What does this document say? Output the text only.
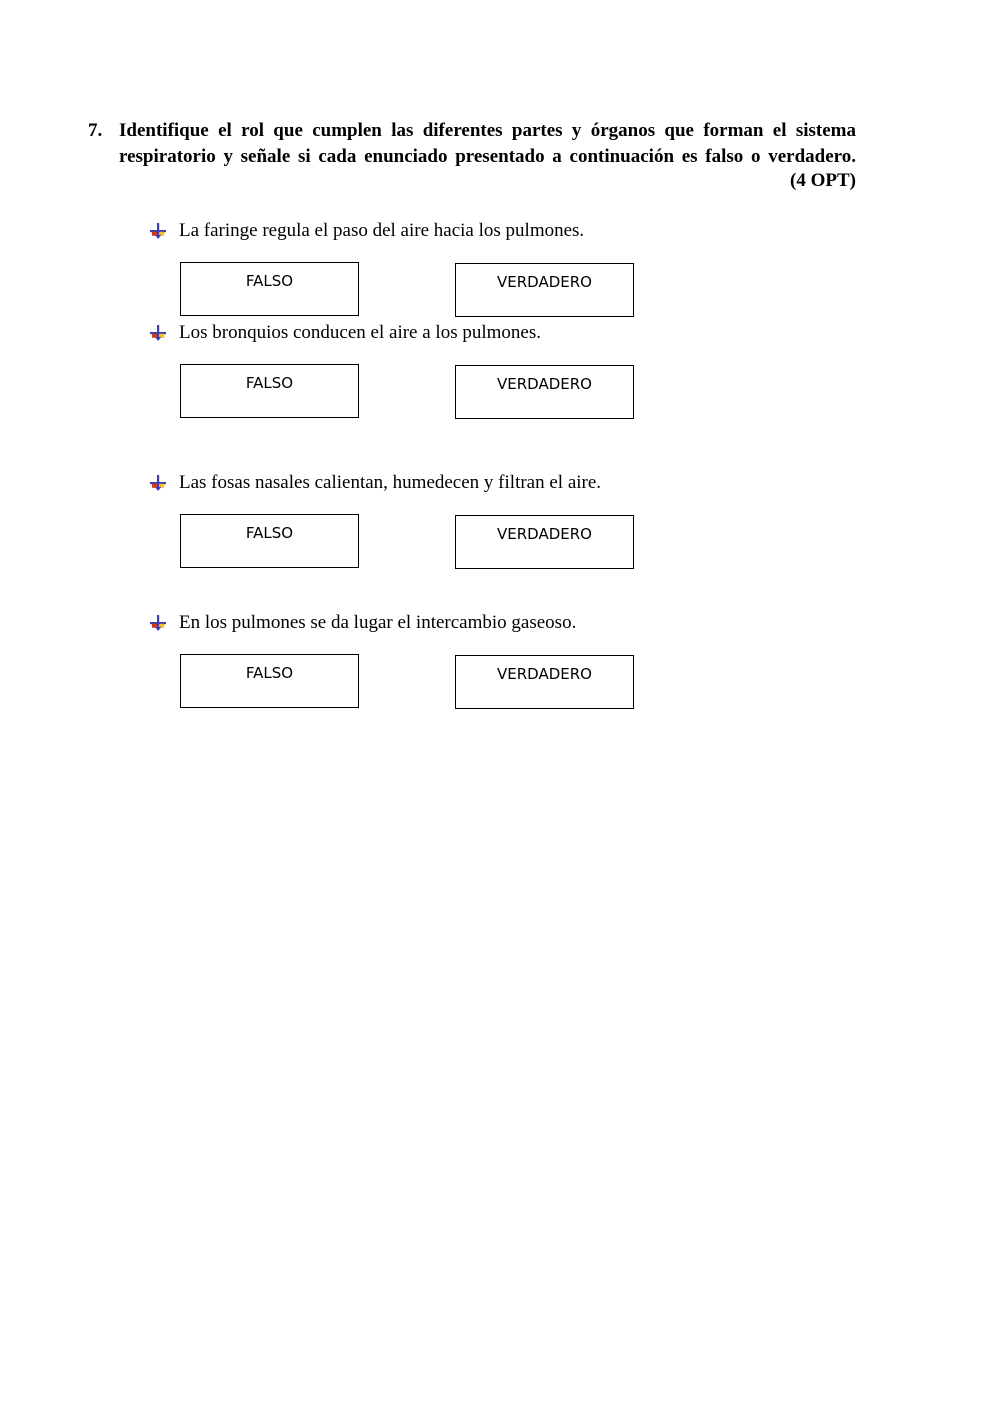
7. Identifique el rol que cumplen las diferentes partes y órganos que forman el sistema
respiratorio y señale si cada enunciado presentado a continuación es falso o verdadero.
(4 OPT)
La faringe regula el paso del aire hacia los pulmones.
FALSO	VERDADERO
Los bronquios conducen el aire a los pulmones.
FALSO	VERDADERO
Las fosas nasales calientan, humedecen y filtran el aire.
FALSO	VERDADERO
En los pulmones se da lugar el intercambio gaseoso.
FALSO	VERDADERO
